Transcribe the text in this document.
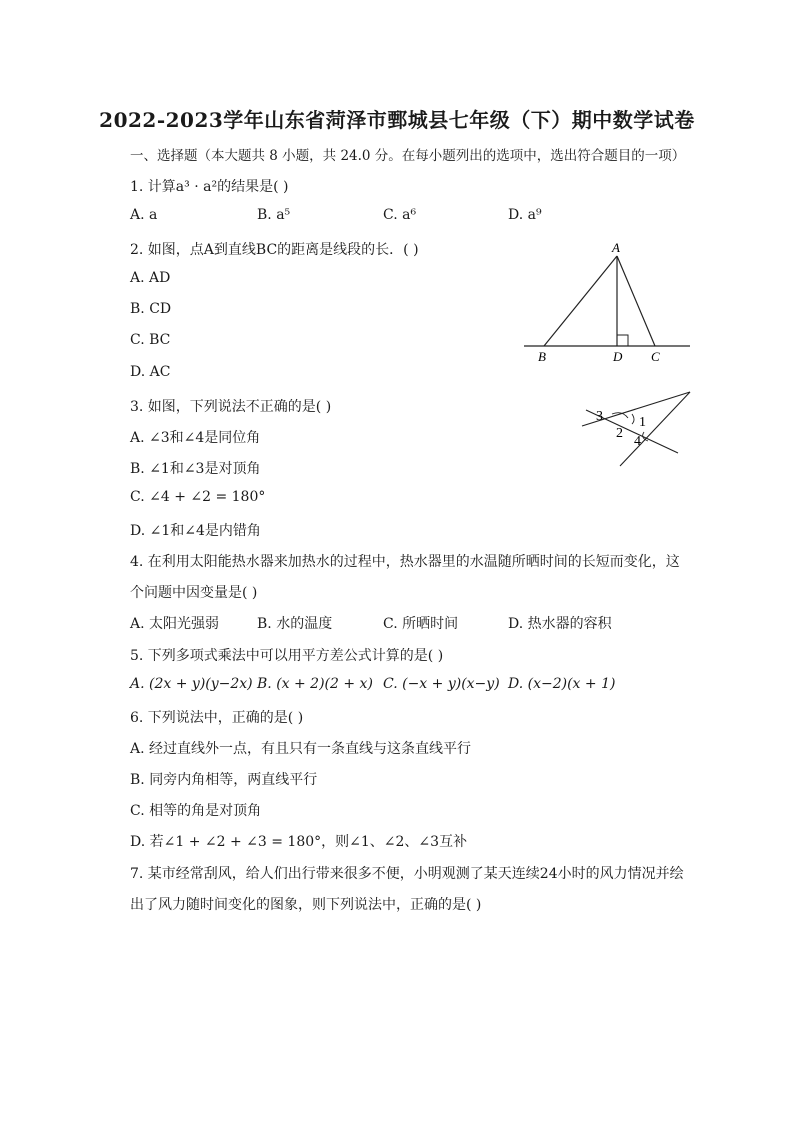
2022-2023学年山东省菏泽市鄄城县七年级（下）期中数学试卷
一、选择题（本大题共 8 小题，共 24.0 分。在每小题列出的选项中，选出符合题目的一项）
1. 计算a³ · a²的结果是( )
A. a	B. a⁵	C. a⁶	D. a⁹
2. 如图，点A到直线BC的距离是线段的长．( )
A. AD
B. CD
C. BC
D. AC
A
B	D C
3. 如图，下列说法不正确的是( )
A. ∠3和∠4是同位角
B. ∠1和∠3是对顶角
C. ∠4 + ∠2 = 180°
D. ∠1和∠4是内错角
3	1
2
4
4. 在利用太阳能热水器来加热水的过程中，热水器里的水温随所晒时间的长短而变化，这
个问题中因变量是( )
A. 太阳光强弱	B. 水的温度	C. 所晒时间	D. 热水器的容积
5. 下列多项式乘法中可以用平方差公式计算的是( )
A. (2x + y)(y−2x) B. (x + 2)(2 + x) C. (−x + y)(x−y) D. (x−2)(x + 1)
6. 下列说法中，正确的是( )
A. 经过直线外一点，有且只有一条直线与这条直线平行
B. 同旁内角相等，两直线平行
C. 相等的角是对顶角
D. 若∠1 + ∠2 + ∠3 = 180°，则∠1、∠2、∠3互补
7. 某市经常刮风，给人们出行带来很多不便，小明观测了某天连续24小时的风力情况并绘
出了风力随时间变化的图象，则下列说法中，正确的是( )
